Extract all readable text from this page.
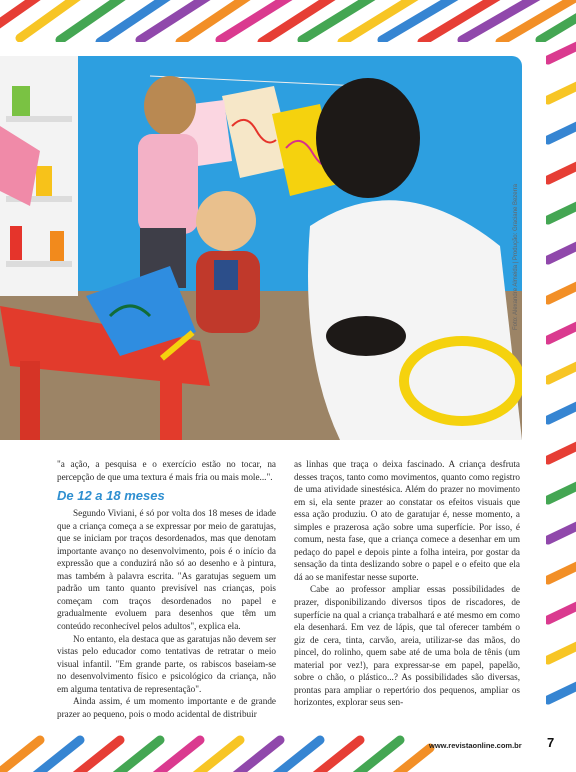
Foto: Alexandre Almeida | Produção: Graciane Bezerra

"a ação, a pesquisa e o exercício estão no tocar, na percepção de que uma textura é mais fria ou mais mole...".

De 12 a 18 meses

Segundo Viviani, é só por volta dos 18 meses de idade que a criança começa a se expressar por meio de garatujas, que se iniciam por traços desordenados, mas que denotam importante avanço no desenvolvimento, pois é o início da expressão que a conduzirá não só ao desenho e à pintura, mas também à palavra escrita. "As garatujas seguem um padrão um tanto quanto previsível nas crianças, pois começam com traços desordenados no papel e gradualmente evoluem para desenhos que têm um conteúdo reconhecível pelos adultos", explica ela.

No entanto, ela destaca que as garatujas não devem ser vistas pelo educador como tentativas de retratar o meio visual infantil. "Em grande parte, os rabiscos baseiam-se no desenvolvimento físico e psicológico da criança, não em alguma tentativa de representação".

Ainda assim, é um momento importante e de grande prazer ao pequeno, pois o modo acidental de distribuir

as linhas que traça o deixa fascinado. A criança desfruta desses traços, tanto como movimentos, quanto como registro de uma atividade sinestésica. Além do prazer no movimento em si, ela sente prazer ao constatar os efeitos visuais que essa ação produziu. O ato de garatujar é, nesse momento, a simples e prazerosa ação sobre uma superfície. Por isso, é comum, nesta fase, que a criança comece a desenhar em um pedaço do papel e depois pinte a folha inteira, por gostar da sensação da tinta deslizando sobre o papel e o efeito que ela dá ao se manifestar nesse suporte.

Cabe ao professor ampliar essas possibilidades de prazer, disponibilizando diversos tipos de riscadores, de superfície na qual a criança trabalhará e até mesmo em como ela desenhará. Em vez de lápis, que tal oferecer também o giz de cera, tinta, carvão, areia, utilizar-se das mãos, do pincel, do rolinho, quem sabe até de uma bola de tênis (um material por vez!), para expressar-se em papel, papelão, sobre o chão, o plástico...? As possibilidades são diversas, prontas para ampliar o repertório dos pequenos, ampliar os horizontes, explorar seus sen-

www.revistaonline.com.br 7
